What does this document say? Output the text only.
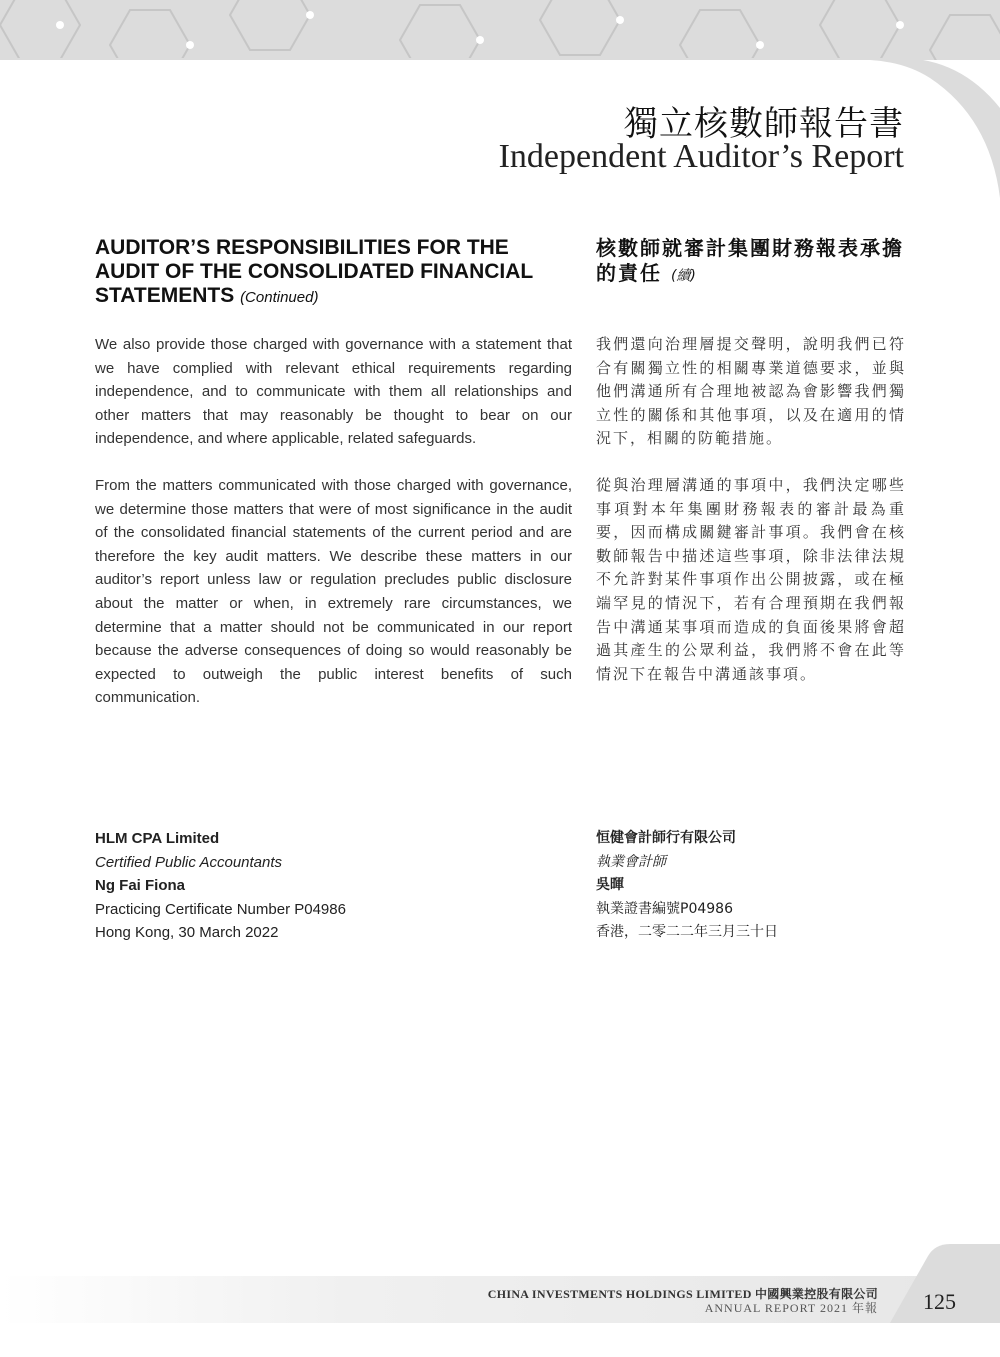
獨立核數師報告書
Independent Auditor’s Report
AUDITOR’S RESPONSIBILITIES FOR THE AUDIT OF THE CONSOLIDATED FINANCIAL STATEMENTS (Continued)
核數師就審計集團財務報表承擔的責任 (續)

We also provide those charged with governance with a statement that we have complied with relevant ethical requirements regarding independence, and to communicate with them all relationships and other matters that may reasonably be thought to bear on our independence, and where applicable, related safeguards.

From the matters communicated with those charged with governance, we determine those matters that were of most significance in the audit of the consolidated financial statements of the current period and are therefore the key audit matters. We describe these matters in our auditor’s report unless law or regulation precludes public disclosure about the matter or when, in extremely rare circumstances, we determine that a matter should not be communicated in our report because the adverse consequences of doing so would reasonably be expected to outweigh the public interest benefits of such communication.

我們還向治理層提交聲明，說明我們已符合有關獨立性的相關專業道德要求，並與他們溝通所有合理地被認為會影響我們獨立性的關係和其他事項，以及在適用的情況下，相關的防範措施。

從與治理層溝通的事項中，我們決定哪些事項對本年集團財務報表的審計最為重要，因而構成關鍵審計事項。我們會在核數師報告中描述這些事項，除非法律法規不允許對某件事項作出公開披露，或在極端罕見的情況下，若有合理預期在我們報告中溝通某事項而造成的負面後果將會超過其產生的公眾利益，我們將不會在此等情況下在報告中溝通該事項。

HLM CPA Limited
Certified Public Accountants
Ng Fai Fiona
Practicing Certificate Number P04986
Hong Kong, 30 March 2022
恒健會計師行有限公司
執業會計師
吳暉
執業證書編號P04986
香港，二零二二年三月三十日
CHINA INVESTMENTS HOLDINGS LIMITED 中國興業控股有限公司
ANNUAL REPORT 2021 年報 125
